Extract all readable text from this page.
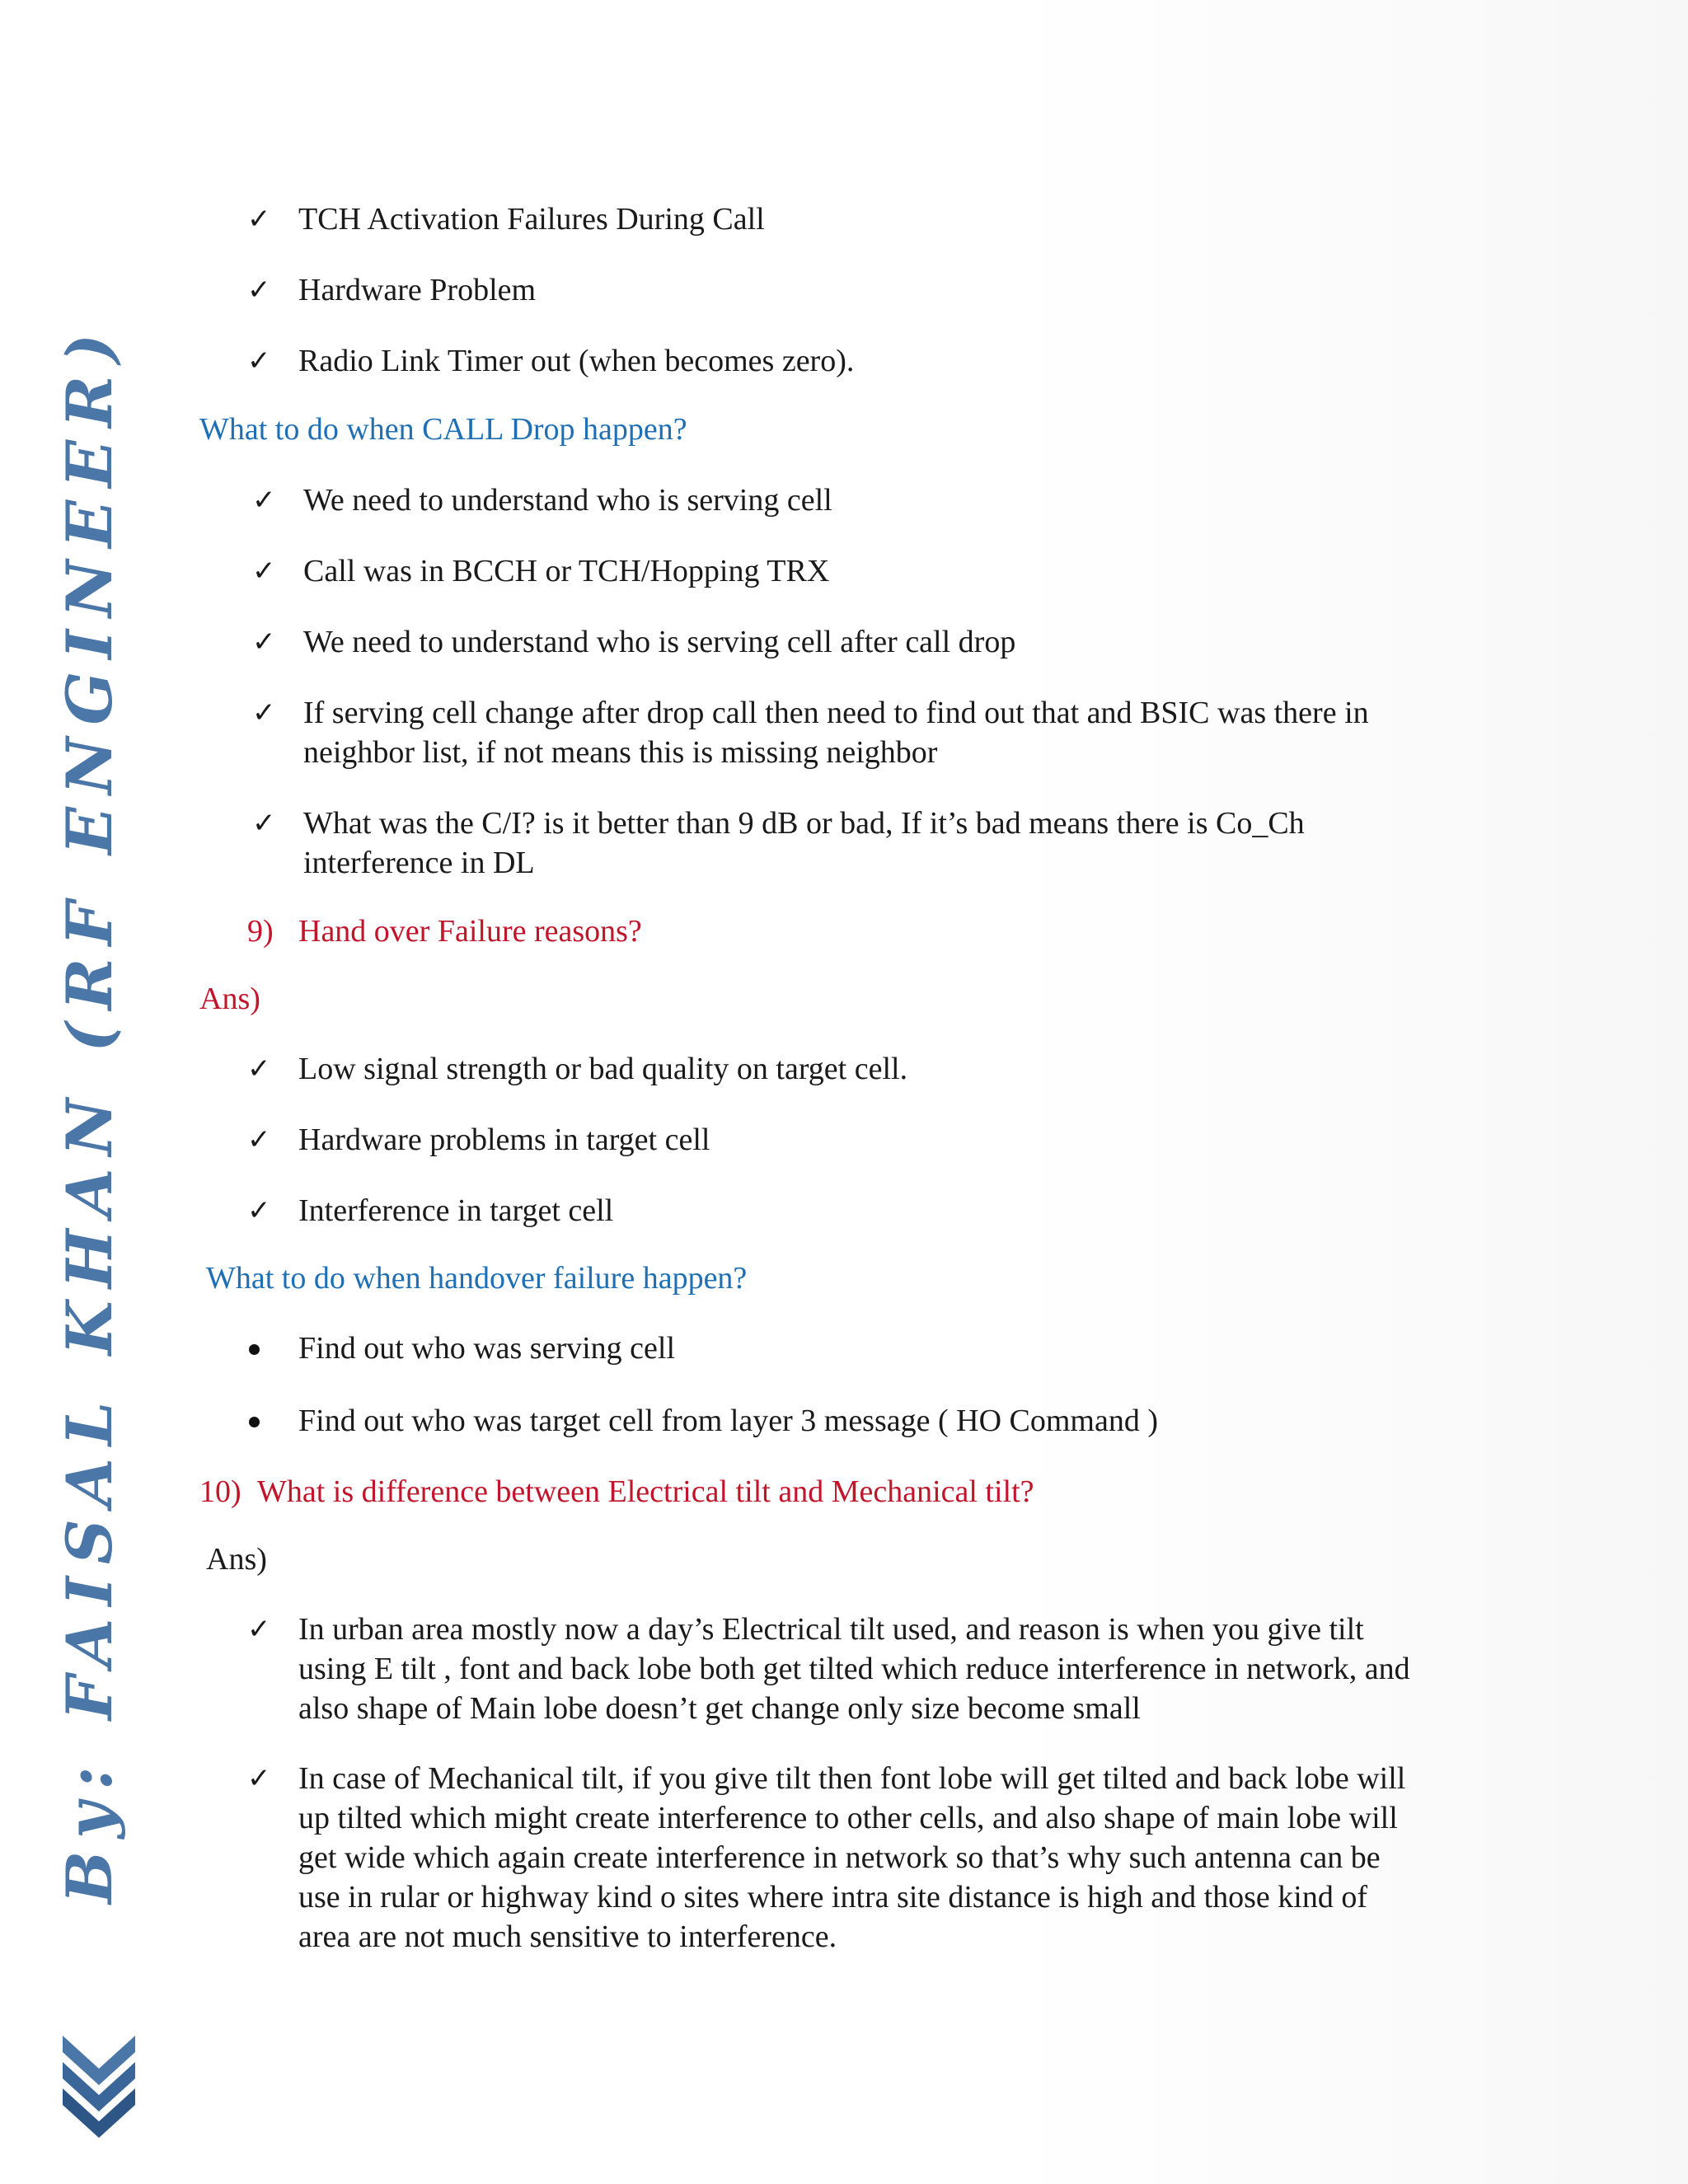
By: FAISAL KHAN (RF ENGINEER)
✓ TCH Activation Failures During Call
✓ Hardware Problem
✓ Radio Link Timer out (when becomes zero).
What to do when CALL Drop happen?
✓ We need to understand who is serving cell
✓ Call was in BCCH or TCH/Hopping TRX
✓ We need to understand who is serving cell after call drop
✓ If serving cell change after drop call then need to find out that and BSIC was there in
neighbor list, if not means this is missing neighbor
✓ What was the C/I? is it better than 9 dB or bad, If it’s bad means there is Co_Ch
interference in DL
9) Hand over Failure reasons?
Ans)
✓ Low signal strength or bad quality on target cell.
✓ Hardware problems in target cell
✓ Interference in target cell
What to do when handover failure happen?
Find out who was serving cell
Find out who was target cell from layer 3 message ( HO Command )
10) What is difference between Electrical tilt and Mechanical tilt?
Ans)
✓ In urban area mostly now a day’s Electrical tilt used, and reason is when you give tilt
using E tilt , font and back lobe both get tilted which reduce interference in network, and
also shape of Main lobe doesn’t get change only size become small
✓ In case of Mechanical tilt, if you give tilt then font lobe will get tilted and back lobe will
up tilted which might create interference to other cells, and also shape of main lobe will
get wide which again create interference in network so that’s why such antenna can be
use in rular or highway kind o sites where intra site distance is high and those kind of
area are not much sensitive to interference.
